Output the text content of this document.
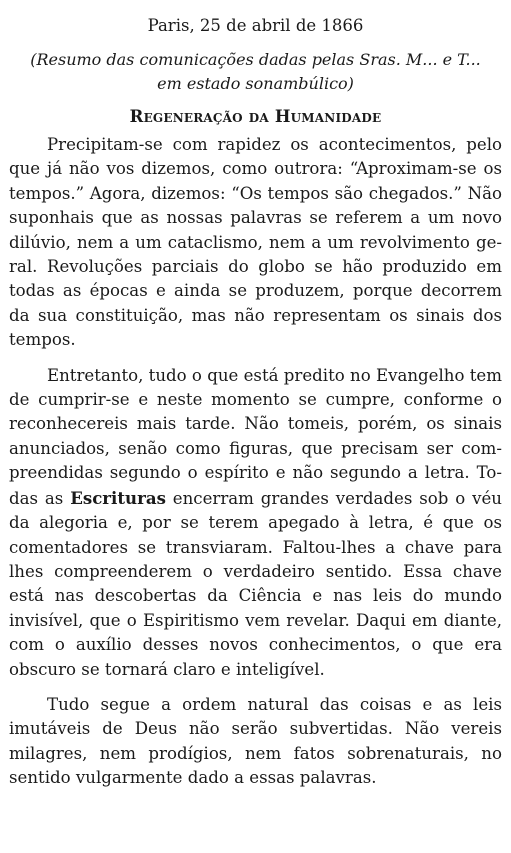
Paris, 25 de abril de 1866
(Resumo das comunicações dadas pelas Sras. M... e T...
em estado sonambúlico)
Regeneração da Humanidade

Precipitam-se com rapidez os acontecimentos, pelo que já não vos dizemos, como outrora: “Aproximam-se os tempos.” Agora, dizemos: “Os tempos são chegados.” Não suponhais que as nossas palavras se referem a um novo dilúvio, nem a um cataclismo, nem a um revolvimento geral. Revoluções parciais do globo se hão produzido em todas as épocas e ainda se produzem, porque decorrem da sua constituição, mas não representam os sinais dos tempos.

Entretanto, tudo o que está predito no Evangelho tem de cumprir-se e neste momento se cumpre, conforme o reconhecereis mais tarde. Não tomeis, porém, os sinais anunciados, senão como figuras, que precisam ser compreendidas segundo o espírito e não segundo a letra. Todas as Escrituras encerram grandes verdades sob o véu da alegoria e, por se terem apegado à letra, é que os comentadores se transviaram. Faltou-lhes a chave para lhes compreenderem o verdadeiro sentido. Essa chave está nas descobertas da Ciência e nas leis do mundo invisível, que o Espiritismo vem revelar. Daqui em diante, com o auxílio desses novos conhecimentos, o que era obscuro se tornará claro e inteligível.

Tudo segue a ordem natural das coisas e as leis imutáveis de Deus não serão subvertidas. Não vereis milagres, nem prodígios, nem fatos sobrenaturais, no sentido vulgarmente dado a essas palavras.
